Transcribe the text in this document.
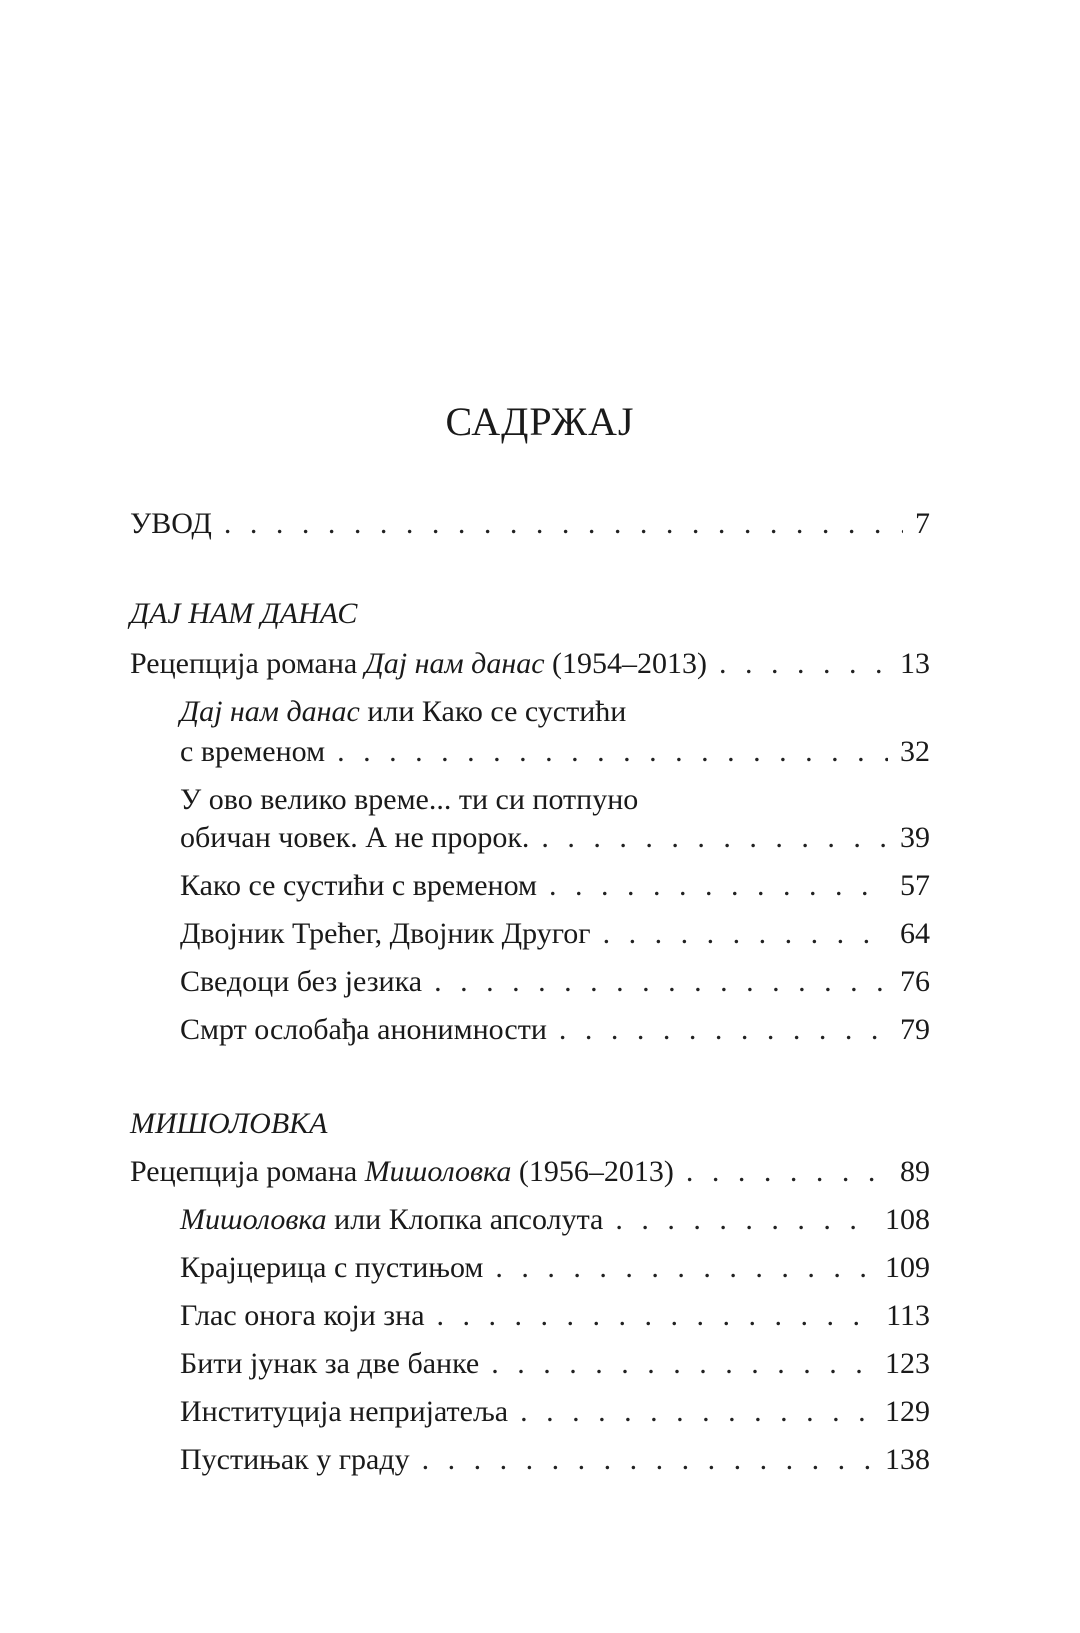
САДРЖАЈ
УВОД . . .	7
ДАЈ НАМ ДАНАС
Рецепција романа Дај нам данас (1954–2013) . . .	13
Дај нам данас или Како се сустићи
с временом . . .	32
У ово велико време... ти си потпуно
обичан човек. А не пророк. . . .	39
Како се сустићи с временом . . .	57
Двојник Трећег, Двојник Другог . . .	64
Сведоци без језика . . .	76
Смрт ослобађа анонимности . . .	79
МИШОЛОВКА
Рецепција романа Мишоловка (1956–2013) . . .	89
Мишоловка или Клопка апсолута . . .	108
Крајцерица с пустињом . . .	109
Глас онога који зна . . .	113
Бити јунак за две банке . . .	123
Институција непријатеља . . .	129
Пустињак у граду . . .	138
